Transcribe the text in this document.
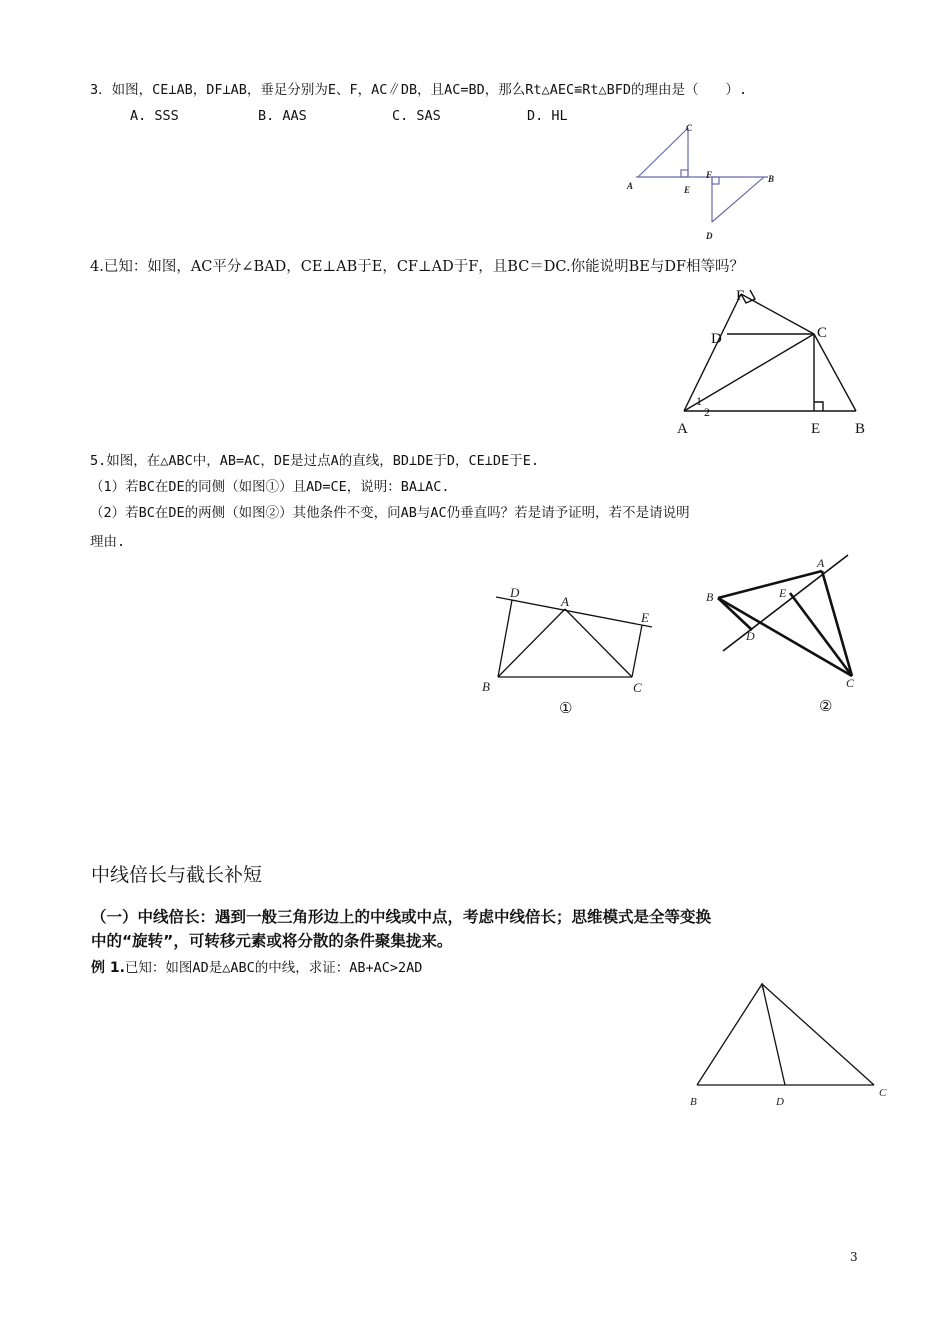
3．如图，CE⊥AB，DF⊥AB，垂足分别为E、F，AC∥DB，且AC=BD，那么Rt△AEC≌Rt△BFD的理由是（　　）.
A. SSS	B. AAS	C. SAS	D. HL
A
B
C
D
E
F
4.已知：如图，AC平分∠BAD，CE⊥AB于E，CF⊥AD于F，且BC＝DC.你能说明BE与DF相等吗？
F
D	C
A	E B
1
2
5.如图，在△ABC中，AB=AC，DE是过点A的直线，BD⊥DE于D，CE⊥DE于E.
（1）若BC在DE的同侧（如图①）且AD=CE，说明：BA⊥AC.
（2）若BC在DE的两侧（如图②）其他条件不变，问AB与AC仍垂直吗？若是请予证明，若不是请说明
理由.
D
A
E
B	C
①
A
B	E
D
C
②
中线倍长与截长补短
（一）中线倍长：遇到一般三角形边上的中线或中点，考虑中线倍长；思维模式是全等变换
中的“旋转”，可转移元素或将分散的条件聚集拢来。
例 1.已知：如图AD是△ABC的中线，求证：AB+AC>2AD
A
B	D
C
3
